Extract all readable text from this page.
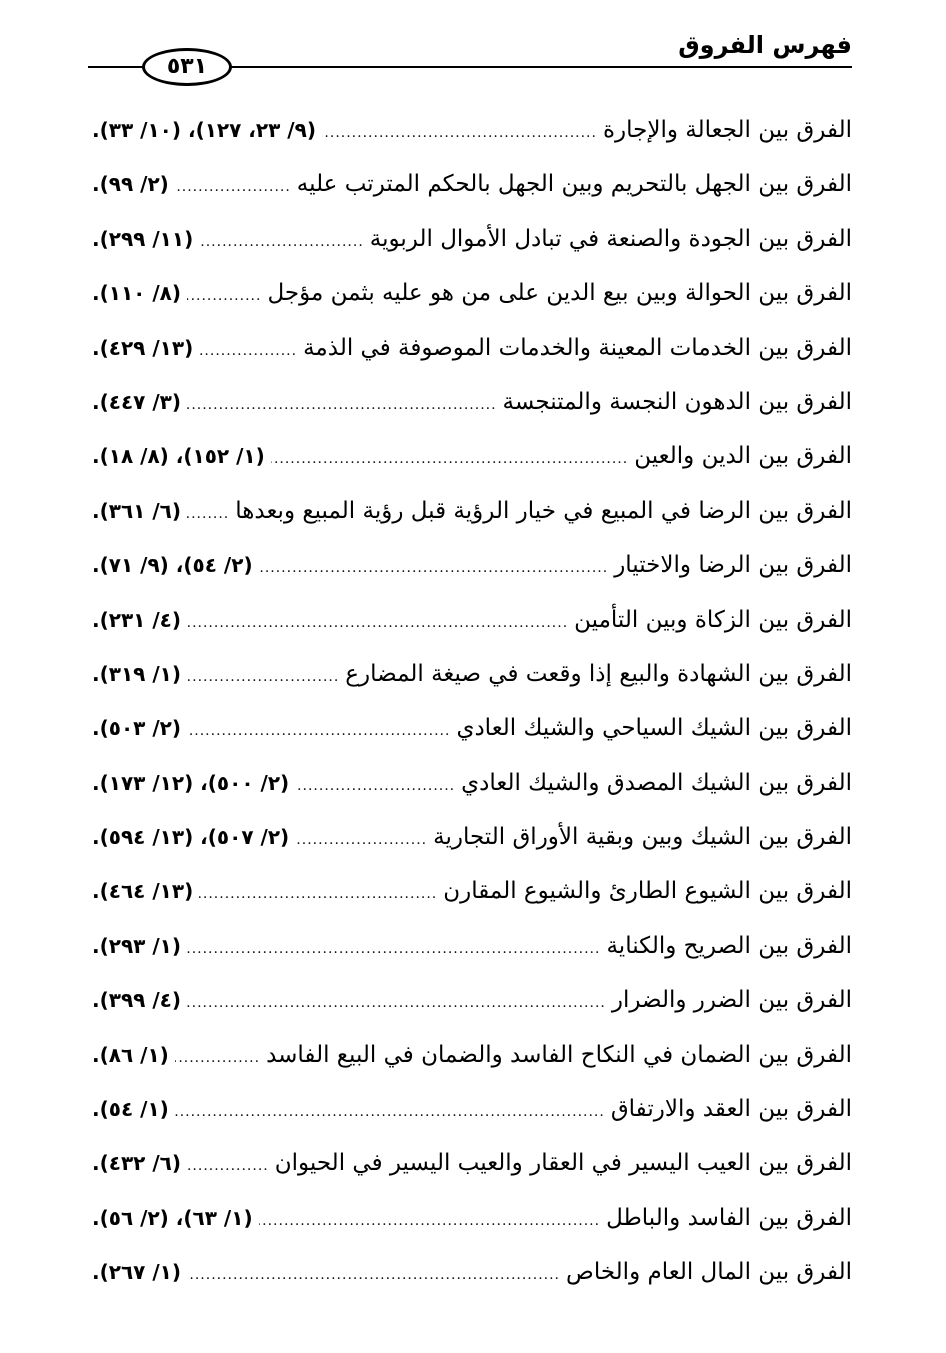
فهرس الفروق
٥٣١
الفرق بين الجعالة والإجارة
.....
(٩/ ٢٣، ١٢٧)، (١٠/ ٣٣).
الفرق بين الجهل بالتحريم وبين الجهل بالحكم المترتب عليه
.....
(٢/ ٩٩).
الفرق بين الجودة والصنعة في تبادل الأموال الربوية
.....
(١١/ ٢٩٩).
الفرق بين الحوالة وبين بيع الدين على من هو عليه بثمن مؤجل
.....
(٨/ ١١٠).
الفرق بين الخدمات المعينة والخدمات الموصوفة في الذمة
.....
(١٣/ ٤٢٩).
الفرق بين الدهون النجسة والمتنجسة
.....
(٣/ ٤٤٧).
الفرق بين الدين والعين
.....
(١/ ١٥٢)، (٨/ ١٨).
الفرق بين الرضا في المبيع في خيار الرؤية قبل رؤية المبيع وبعدها
.....
(٦/ ٣٦١).
الفرق بين الرضا والاختيار
.....
(٢/ ٥٤)، (٩/ ٧١).
الفرق بين الزكاة وبين التأمين
.....
(٤/ ٢٣١).
الفرق بين الشهادة والبيع إذا وقعت في صيغة المضارع
.....
(١/ ٣١٩).
الفرق بين الشيك السياحي والشيك العادي
.....
(٢/ ٥٠٣).
الفرق بين الشيك المصدق والشيك العادي
.....
(٢/ ٥٠٠)، (١٢/ ١٧٣).
الفرق بين الشيك وبين وبقية الأوراق التجارية
.....
(٢/ ٥٠٧)، (١٣/ ٥٩٤).
الفرق بين الشيوع الطارئ والشيوع المقارن
.....
(١٣/ ٤٦٤).
الفرق بين الصريح والكناية
.....
(١/ ٢٩٣).
الفرق بين الضرر والضرار
.....
(٤/ ٣٩٩).
الفرق بين الضمان في النكاح الفاسد والضمان في البيع الفاسد
.....
(١/ ٨٦).
الفرق بين العقد والارتفاق
.....
(١/ ٥٤).
الفرق بين العيب اليسير في العقار والعيب اليسير في الحيوان
.....
(٦/ ٤٣٢).
الفرق بين الفاسد والباطل
.....
(١/ ٦٣)، (٢/ ٥٦).
الفرق بين المال العام والخاص
.....
(١/ ٢٦٧).
